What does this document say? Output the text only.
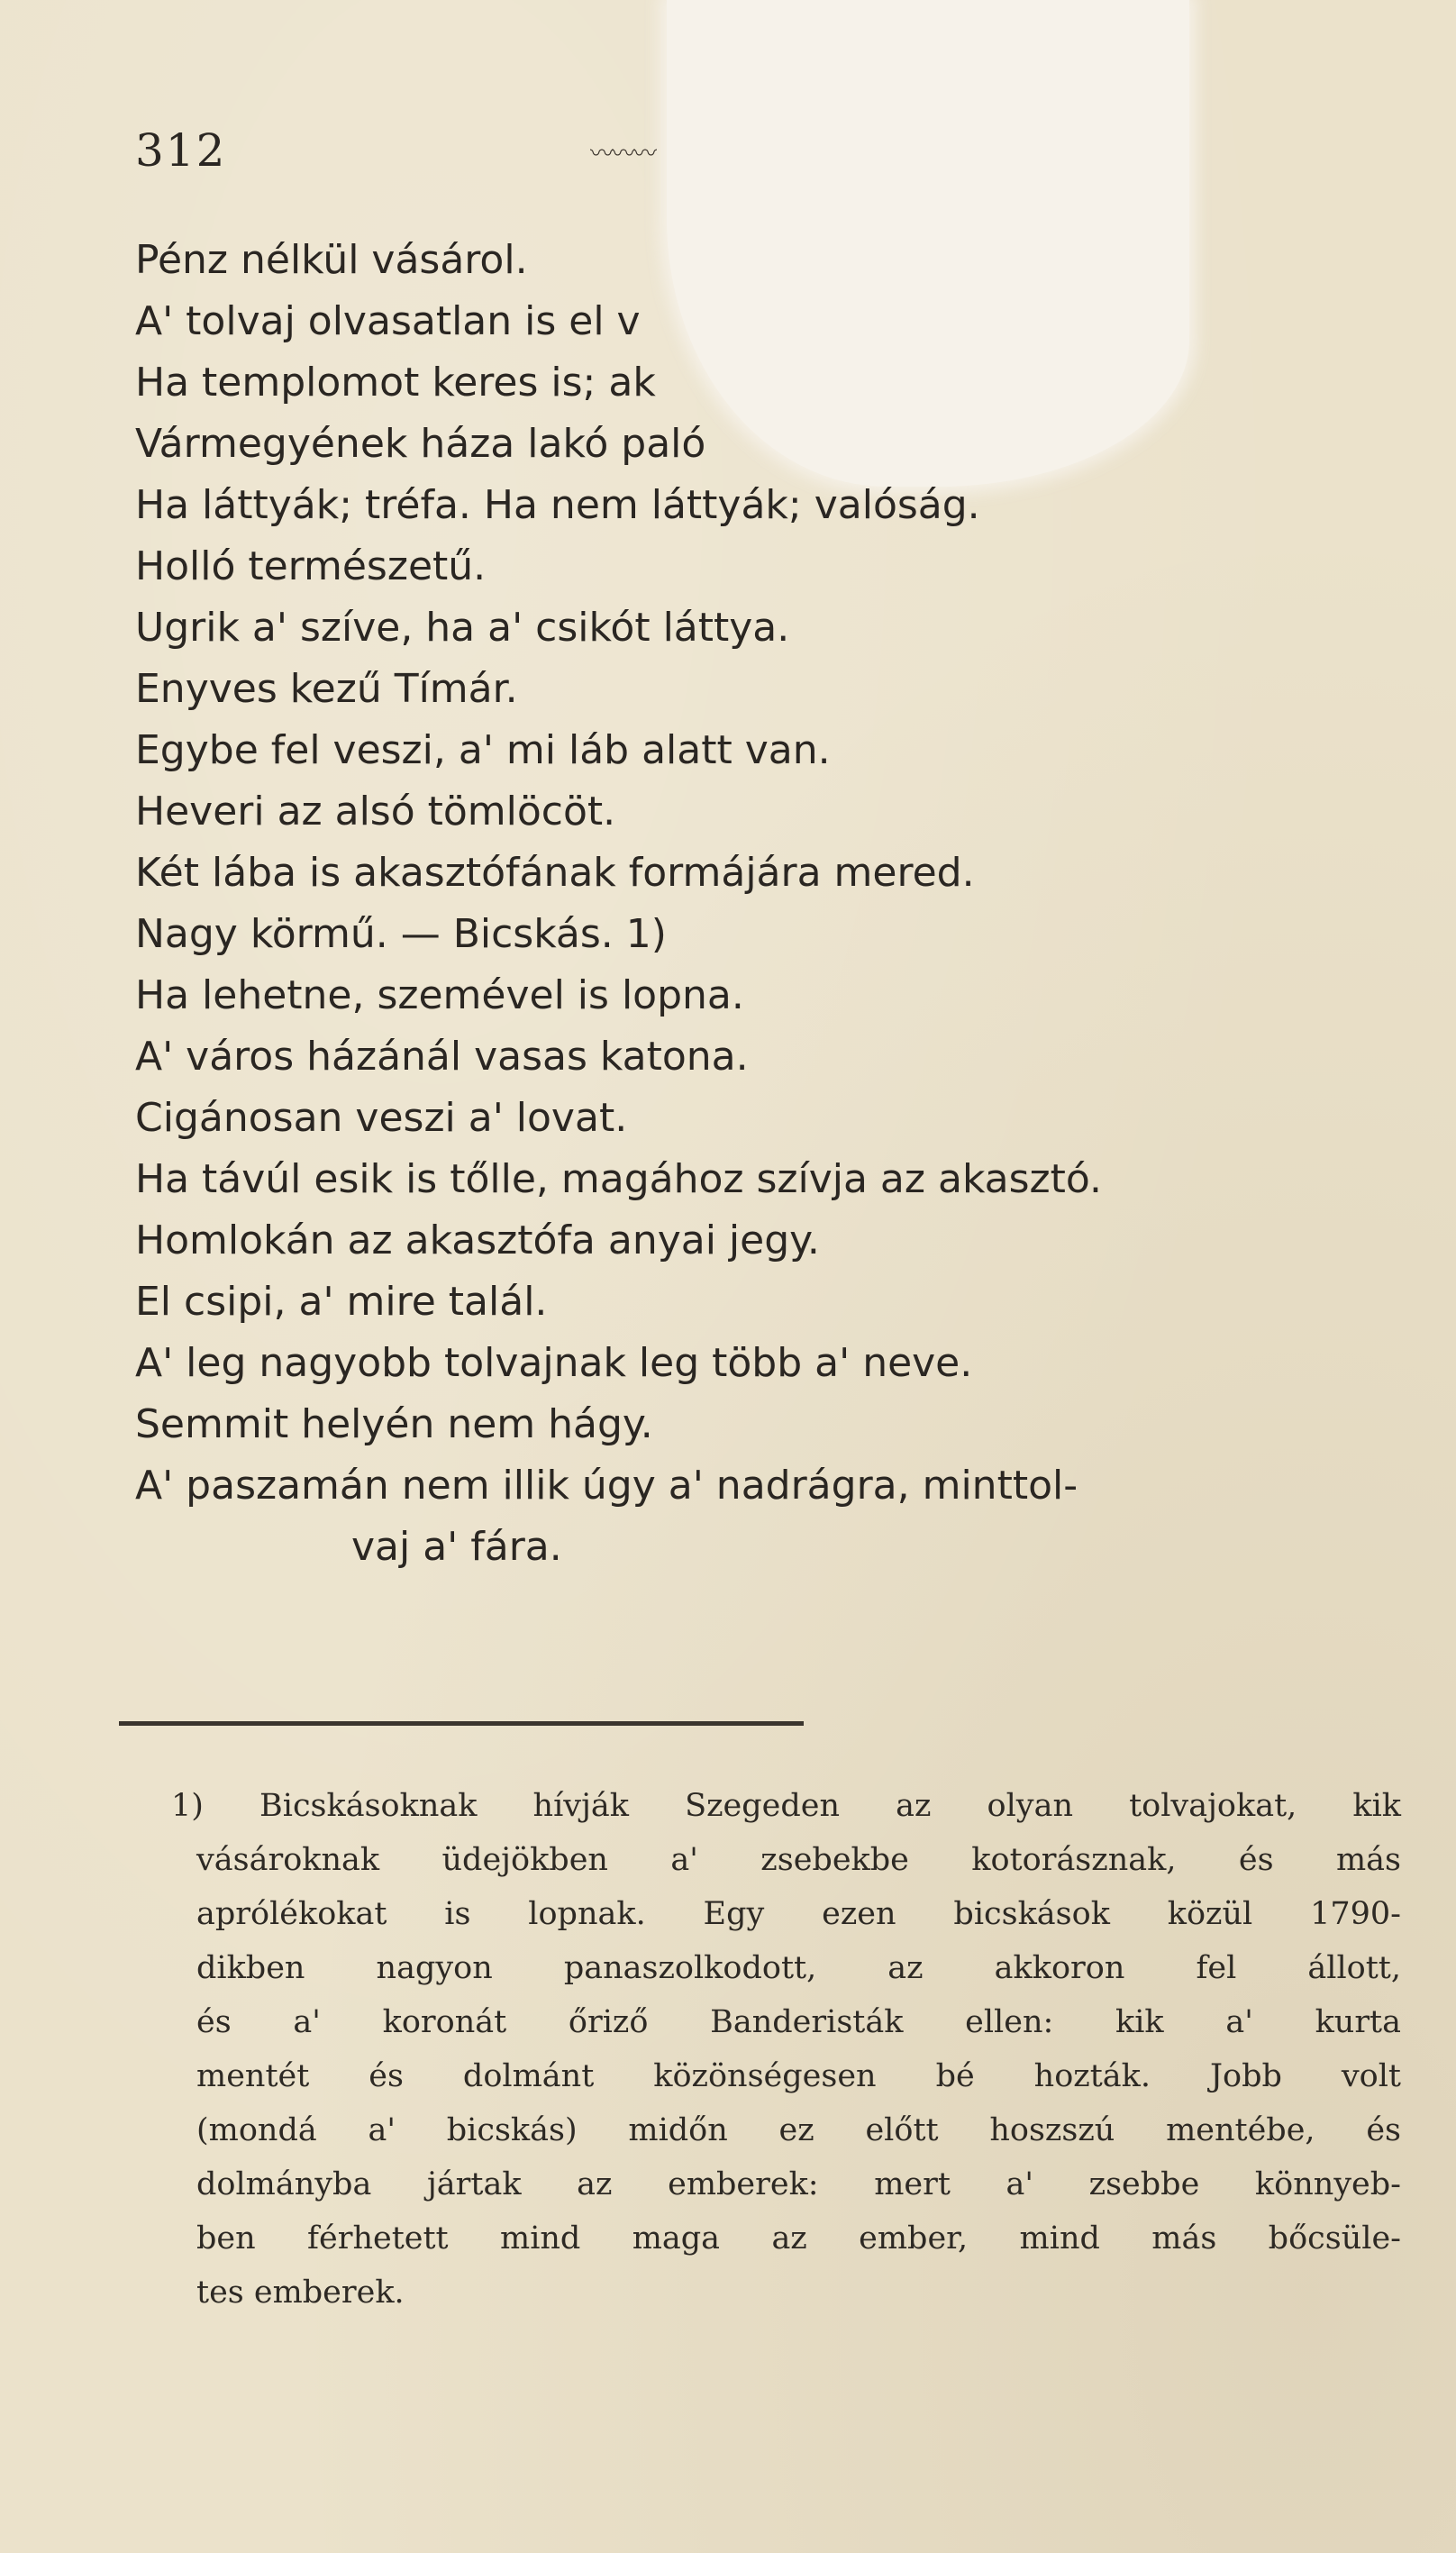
312	〰〰〰
Pénz nélkül vásárol.
A' tolvaj olvasatlan is el v
Ha templomot keres is; ak
Vármegyének háza lakó paló
Ha láttyák; tréfa. Ha nem láttyák; valóság.
Holló természetű.
Ugrik a' szíve, ha a' csikót láttya.
Enyves kezű Tímár.
Egybe fel veszi, a' mi láb alatt van.
Heveri az alsó tömlöcöt.
Két lába is akasztófának formájára mered.
Nagy körmű. — Bicskás. 1)
Ha lehetne, szemével is lopna.
A' város házánál vasas katona.
Cigánosan veszi a' lovat.
Ha távúl esik is tőlle, magához szívja az akasztó.
Homlokán az akasztófa anyai jegy.
El csipi, a' mire talál.
A' leg nagyobb tolvajnak leg több a' neve.
Semmit helyén nem hágy.
A' paszamán nem illik úgy a' nadrágra, minttol-
vaj a' fára.
1) Bicskásoknak hívják Szegeden az olyan tolvajokat, kik
vásároknak üdejökben a' zsebekbe kotorásznak, és más
aprólékokat is lopnak. Egy ezen bicskások közül 1790-
dikben nagyon panaszolkodott, az akkoron fel állott,
és a' koronát őriző Banderisták ellen: kik a' kurta
mentét és dolmánt közönségesen bé hozták. Jobb volt
(mondá a' bicskás) midőn ez előtt hoszszú mentébe, és
dolmányba jártak az emberek: mert a' zsebbe könnyeb-
ben férhetett mind maga az ember, mind más bőcsüle-
tes emberek.
